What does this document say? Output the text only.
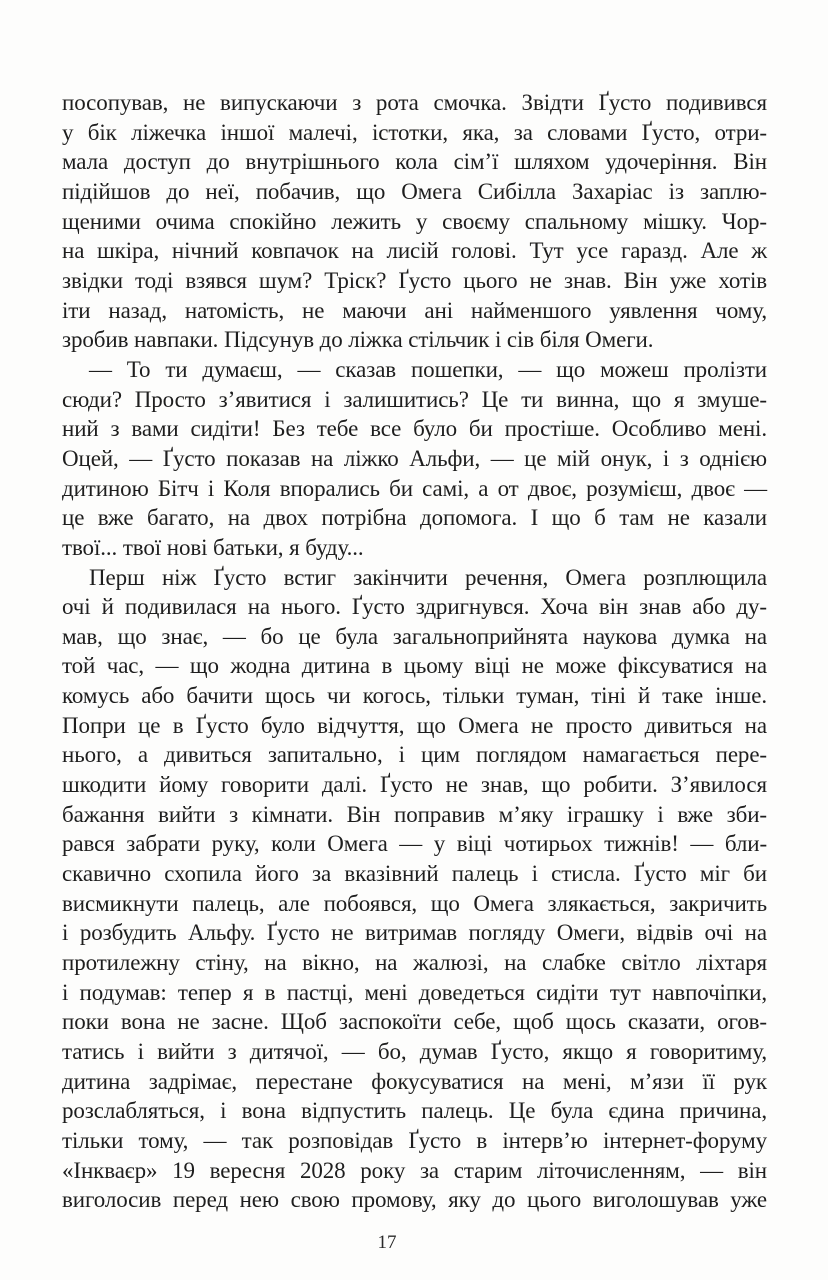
посопував, не випускаючи з рота смочка. Звідти Ґусто подивився
у бік ліжечка іншої малечі, істотки, яка, за словами Ґусто, отри-
мала доступ до внутрішнього кола сім’ї шляхом удочеріння. Він
підійшов до неї, побачив, що Омега Сибілла Захаріас із заплю-
щеними очима спокійно лежить у своєму спальному мішку. Чор-
на шкіра, нічний ковпачок на лисій голові. Тут усе гаразд. Але ж
звідки тоді взявся шум? Тріск? Ґусто цього не знав. Він уже хотів
іти назад, натомість, не маючи ані найменшого уявлення чому,
зробив навпаки. Підсунув до ліжка стільчик і сів біля Омеги.
— То ти думаєш, — сказав пошепки, — що можеш пролізти
сюди? Просто з’явитися і залишитись? Це ти винна, що я змуше-
ний з вами сидіти! Без тебе все було би простіше. Особливо мені.
Оцей, — Ґусто показав на ліжко Альфи, — це мій онук, і з однією
дитиною Бітч і Коля впорались би самі, а от двоє, розумієш, двоє —
це вже багато, на двох потрібна допомога. І що б там не казали
твої... твої нові батьки, я буду...
Перш ніж Ґусто встиг закінчити речення, Омега розплющила
очі й подивилася на нього. Ґусто здригнувся. Хоча він знав або ду-
мав, що знає, — бо це була загальноприйнята наукова думка на
той час, — що жодна дитина в цьому віці не може фіксуватися на
комусь або бачити щось чи когось, тільки туман, тіні й таке інше.
Попри це в Ґусто було відчуття, що Омега не просто дивиться на
нього, а дивиться запитально, і цим поглядом намагається пере-
шкодити йому говорити далі. Ґусто не знав, що робити. З’явилося
бажання вийти з кімнати. Він поправив м’яку іграшку і вже зби-
рався забрати руку, коли Омега — у віці чотирьох тижнів! — бли-
скавично схопила його за вказівний палець і стисла. Ґусто міг би
висмикнути палець, але побоявся, що Омега злякається, закричить
і розбудить Альфу. Ґусто не витримав погляду Омеги, відвів очі на
протилежну стіну, на вікно, на жалюзі, на слабке світло ліхтаря
і подумав: тепер я в пастці, мені доведеться сидіти тут навпочіпки,
поки вона не засне. Щоб заспокоїти себе, щоб щось сказати, огов-
татись і вийти з дитячої, — бо, думав Ґусто, якщо я говоритиму,
дитина задрімає, перестане фокусуватися на мені, м’язи її рук
розслабляться, і вона відпустить палець. Це була єдина причина,
тільки тому, — так розповідав Ґусто в інтерв’ю інтернет-форуму
«Інкваєр» 19 вересня 2028 року за старим літочисленням, — він
виголосив перед нею свою промову, яку до цього виголошував уже
17
